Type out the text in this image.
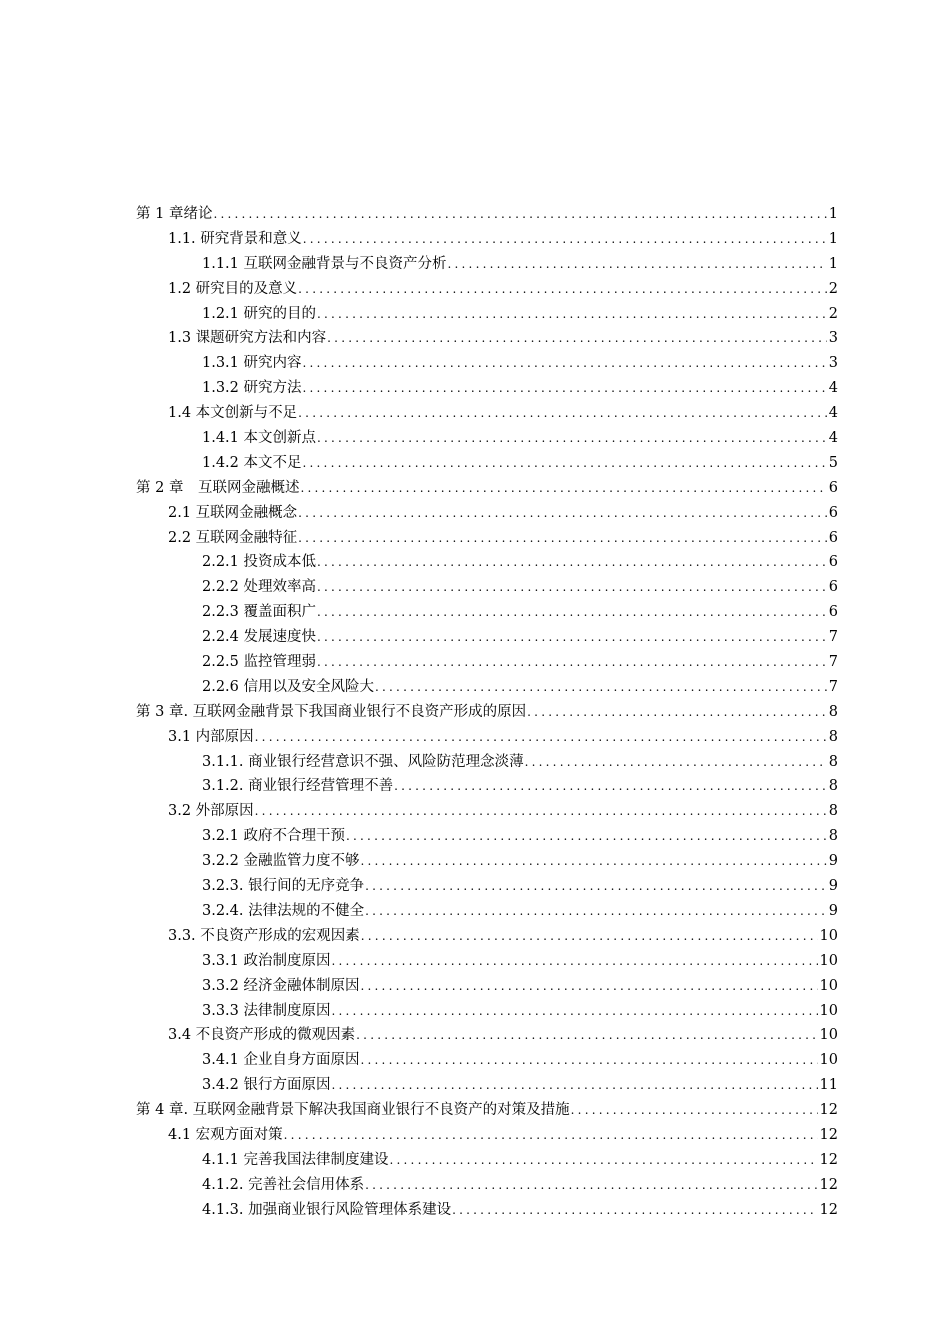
第 1 章绪论 .....	1
1.1. 研究背景和意义 .....	1
1.1.1 互联网金融背景与不良资产分析 .....	1
1.2 研究目的及意义 .....	2
1.2.1 研究的目的 .....	2
1.3 课题研究方法和内容 .....	3
1.3.1 研究内容 .....	3
1.3.2 研究方法 .....	4
1.4 本文创新与不足 .....	4
1.4.1 本文创新点 .....	4
1.4.2 本文不足 .....	5
第 2 章　互联网金融概述 .....	6
2.1 互联网金融概念 .....	6
2.2 互联网金融特征 .....	6
2.2.1 投资成本低 .....	6
2.2.2 处理效率高 .....	6
2.2.3 覆盖面积广 .....	6
2.2.4 发展速度快 .....	7
2.2.5 监控管理弱 .....	7
2.2.6 信用以及安全风险大 .....	7
第 3 章. 互联网金融背景下我国商业银行不良资产形成的原因 .....	8
3.1 内部原因 .....	8
3.1.1. 商业银行经营意识不强、风险防范理念淡薄 .....	8
3.1.2. 商业银行经营管理不善 .....	8
3.2 外部原因 .....	8
3.2.1 政府不合理干预 .....	8
3.2.2 金融监管力度不够 .....	9
3.2.3. 银行间的无序竞争 .....	9
3.2.4. 法律法规的不健全 .....	9
3.3. 不良资产形成的宏观因素 .....	10
3.3.1 政治制度原因 .....	10
3.3.2 经济金融体制原因 .....	10
3.3.3 法律制度原因 .....	10
3.4 不良资产形成的微观因素 .....	10
3.4.1 企业自身方面原因 .....	10
3.4.2 银行方面原因 .....	11
第 4 章. 互联网金融背景下解决我国商业银行不良资产的对策及措施 .....	12
4.1 宏观方面对策 .....	12
4.1.1 完善我国法律制度建设 .....	12
4.1.2. 完善社会信用体系 .....	12
4.1.3. 加强商业银行风险管理体系建设 .....	12
